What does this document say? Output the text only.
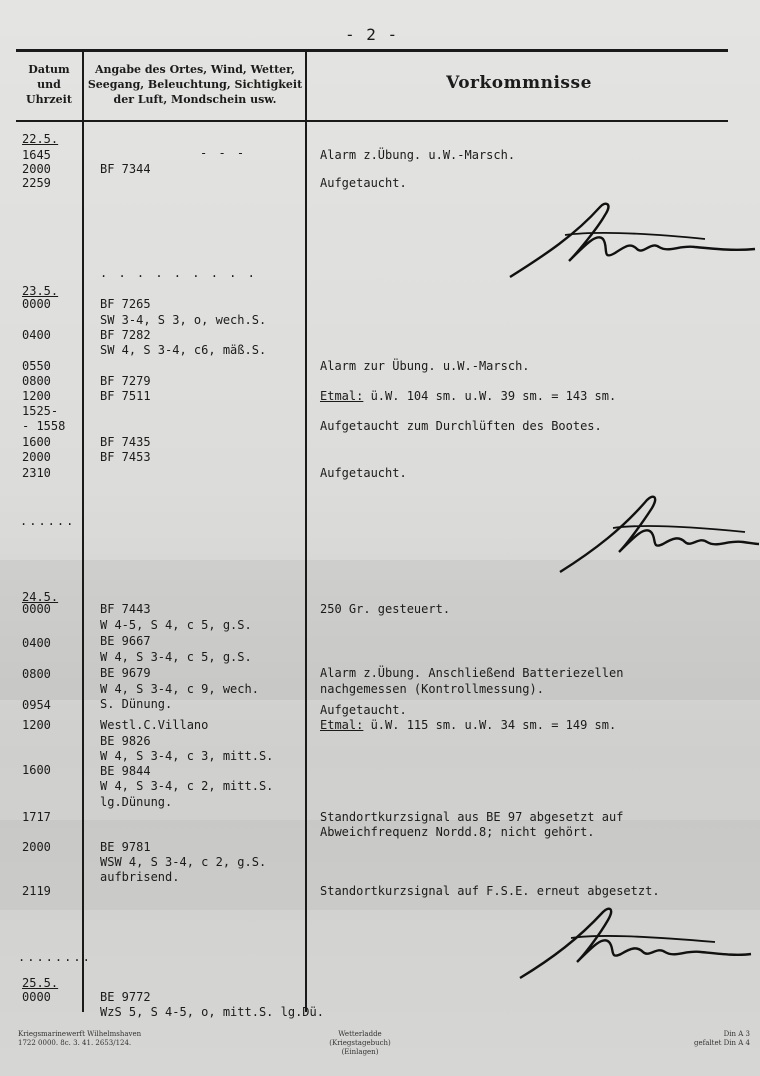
- 2 -
Datum
und
Uhrzeit
Angabe des Ortes, Wind, Wetter,
Seegang, Beleuchtung, Sichtigkeit
der Luft, Mondschein usw.
Vorkommnisse
- - -
. . . . . . . . .
......
........
22.5.
1645
2000
2259
23.5.
0000
0400
0550
0800
1200
1525-
- 1558
1600
2000
2310
24.5.
0000
0400
0800
0954
1200
1600
1717
2000
2119
25.5.
0000
BF 7344
BF 7265
SW 3-4, S 3, o, wech.S.
BF 7282
SW 4, S 3-4, c6, mäß.S.
BF 7279
BF 7511
BF 7435
BF 7453
BF 7443
W 4-5, S 4, c 5, g.S.
BE 9667
W 4, S 3-4, c 5, g.S.
BE 9679
W 4, S 3-4, c 9, wech.
S. Dünung.
Westl.C.Villano
BE 9826
W 4, S 3-4, c 3, mitt.S.
BE 9844
W 4, S 3-4, c 2, mitt.S.
lg.Dünung.
BE 9781
WSW 4, S 3-4, c 2, g.S.
aufbrisend.
BE 9772
WzS 5, S 4-5, o, mitt.S. lg.Dü.
Alarm z.Übung. u.W.-Marsch.
Aufgetaucht.
Alarm zur Übung. u.W.-Marsch.
Etmal: ü.W. 104 sm. u.W. 39 sm. = 143 sm.
Aufgetaucht zum Durchlüften des Bootes.
Aufgetaucht.
250 Gr. gesteuert.
Alarm z.Übung. Anschließend Batteriezellen
nachgemessen (Kontrollmessung).
Aufgetaucht.
Etmal: ü.W. 115 sm. u.W. 34 sm. = 149 sm.
Standortkurzsignal aus BE 97 abgesetzt auf
Abweichfrequenz Nordd.8; nicht gehört.
Standortkurzsignal auf F.S.E. erneut abgesetzt.
Kriegsmarinewerft Wilhelmshaven
1722 0000. 8c. 3. 41. 2653/124.
Wetterladde (Kriegstagebuch)
(Einlagen)
Din A 3
gefaltet Din A 4
